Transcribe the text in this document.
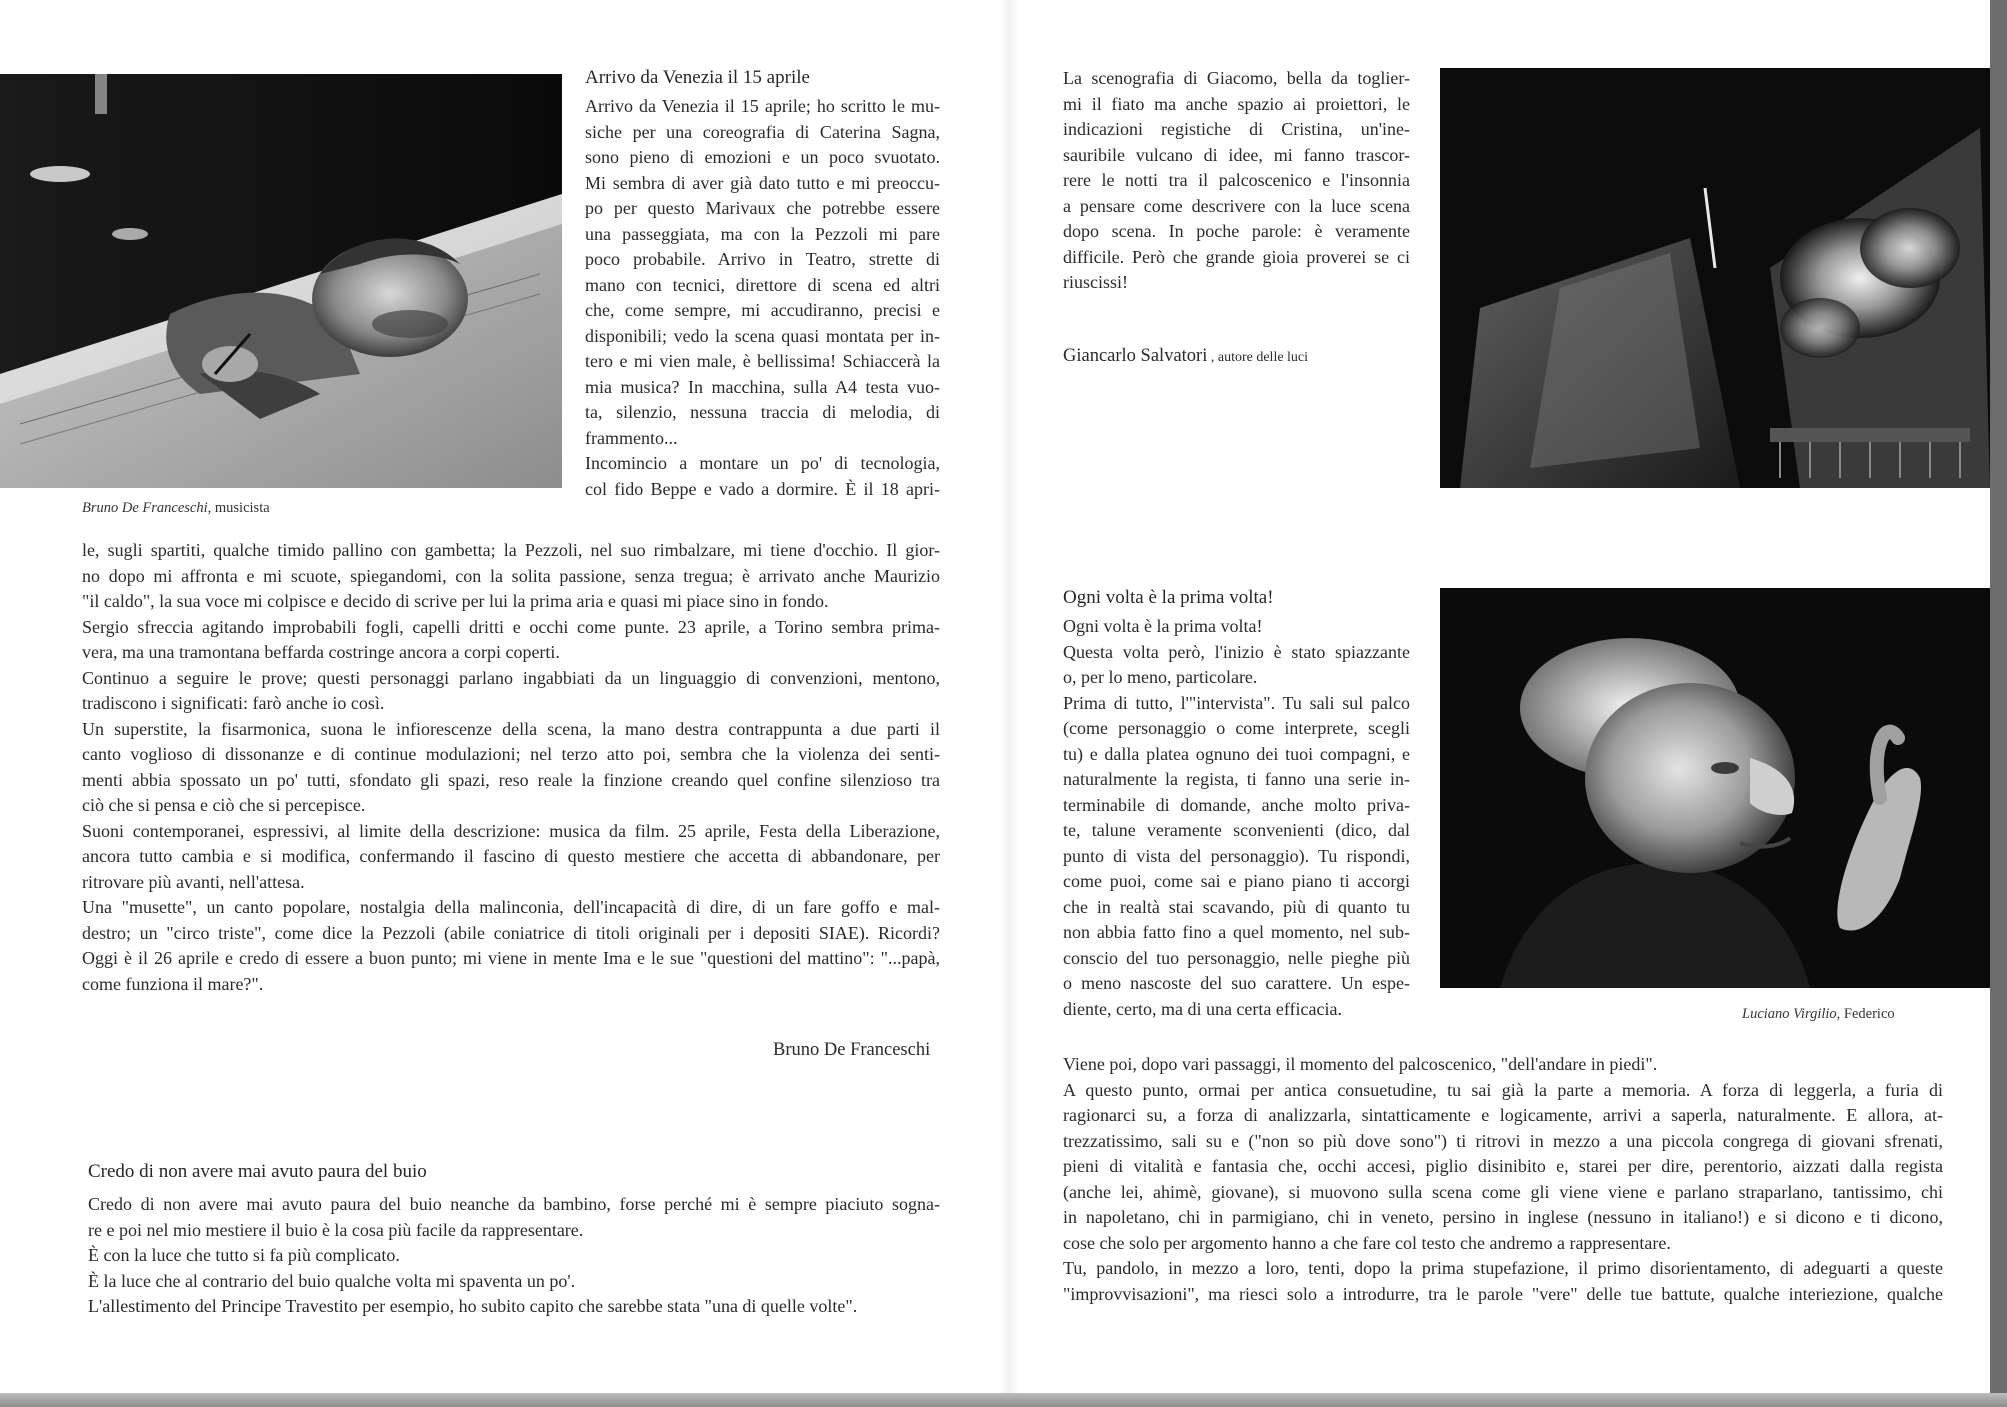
Bruno De Franceschi, musicista
Arrivo da Venezia il 15 aprile
Arrivo da Venezia il 15 aprile; ho scritto le mu-
siche per una coreografia di Caterina Sagna,
sono pieno di emozioni e un poco svuotato.
Mi sembra di aver già dato tutto e mi preoccu-
po per questo Marivaux che potrebbe essere
una passeggiata, ma con la Pezzoli mi pare
poco probabile. Arrivo in Teatro, strette di
mano con tecnici, direttore di scena ed altri
che, come sempre, mi accudiranno, precisi e
disponibili; vedo la scena quasi montata per in-
tero e mi vien male, è bellissima! Schiaccerà la
mia musica? In macchina, sulla A4 testa vuo-
ta, silenzio, nessuna traccia di melodia, di
frammento...
Incomincio a montare un po' di tecnologia,
col fido Beppe e vado a dormire. È il 18 apri-
le, sugli spartiti, qualche timido pallino con gambetta; la Pezzoli, nel suo rimbalzare, mi tiene d'occhio. Il gior-
no dopo mi affronta e mi scuote, spiegandomi, con la solita passione, senza tregua; è arrivato anche Maurizio
"il caldo", la sua voce mi colpisce e decido di scrive per lui la prima aria e quasi mi piace sino in fondo.
Sergio sfreccia agitando improbabili fogli, capelli dritti e occhi come punte. 23 aprile, a Torino sembra prima-
vera, ma una tramontana beffarda costringe ancora a corpi coperti.
Continuo a seguire le prove; questi personaggi parlano ingabbiati da un linguaggio di convenzioni, mentono,
tradiscono i significati: farò anche io così.
Un superstite, la fisarmonica, suona le infiorescenze della scena, la mano destra contrappunta a due parti il
canto voglioso di dissonanze e di continue modulazioni; nel terzo atto poi, sembra che la violenza dei senti-
menti abbia spossato un po' tutti, sfondato gli spazi, reso reale la finzione creando quel confine silenzioso tra
ciò che si pensa e ciò che si percepisce.
Suoni contemporanei, espressivi, al limite della descrizione: musica da film. 25 aprile, Festa della Liberazione,
ancora tutto cambia e si modifica, confermando il fascino di questo mestiere che accetta di abbandonare, per
ritrovare più avanti, nell'attesa.
Una "musette", un canto popolare, nostalgia della malinconia, dell'incapacità di dire, di un fare goffo e mal-
destro; un "circo triste", come dice la Pezzoli (abile coniatrice di titoli originali per i depositi SIAE). Ricordi?
Oggi è il 26 aprile e credo di essere a buon punto; mi viene in mente Ima e le sue "questioni del mattino": "...papà,
come funziona il mare?".
Bruno De Franceschi
Credo di non avere mai avuto paura del buio
Credo di non avere mai avuto paura del buio neanche da bambino, forse perché mi è sempre piaciuto sogna-
re e poi nel mio mestiere il buio è la cosa più facile da rappresentare.
È con la luce che tutto si fa più complicato.
È la luce che al contrario del buio qualche volta mi spaventa un po'.
L'allestimento del Principe Travestito per esempio, ho subito capito che sarebbe stata "una di quelle volte".
La scenografia di Giacomo, bella da toglier-
mi il fiato ma anche spazio ai proiettori, le
indicazioni registiche di Cristina, un'ine-
sauribile vulcano di idee, mi fanno trascor-
rere le notti tra il palcoscenico e l'insonnia
a pensare come descrivere con la luce scena
dopo scena. In poche parole: è veramente
difficile. Però che grande gioia proverei se ci
riuscissi!
Giancarlo Salvatori , autore delle luci
Luciano Virgilio, Federico
Ogni volta è la prima volta!
Ogni volta è la prima volta!
Questa volta però, l'inizio è stato spiazzante
o, per lo meno, particolare.
Prima di tutto, l'"intervista". Tu sali sul palco
(come personaggio o come interprete, scegli
tu) e dalla platea ognuno dei tuoi compagni, e
naturalmente la regista, ti fanno una serie in-
terminabile di domande, anche molto priva-
te, talune veramente sconvenienti (dico, dal
punto di vista del personaggio). Tu rispondi,
come puoi, come sai e piano piano ti accorgi
che in realtà stai scavando, più di quanto tu
non abbia fatto fino a quel momento, nel sub-
conscio del tuo personaggio, nelle pieghe più
o meno nascoste del suo carattere. Un espe-
diente, certo, ma di una certa efficacia.
Viene poi, dopo vari passaggi, il momento del palcoscenico, "dell'andare in piedi".
A questo punto, ormai per antica consuetudine, tu sai già la parte a memoria. A forza di leggerla, a furia di
ragionarci su, a forza di analizzarla, sintatticamente e logicamente, arrivi a saperla, naturalmente. E allora, at-
trezzatissimo, sali su e ("non so più dove sono") ti ritrovi in mezzo a una piccola congrega di giovani sfrenati,
pieni di vitalità e fantasia che, occhi accesi, piglio disinibito e, starei per dire, perentorio, aizzati dalla regista
(anche lei, ahimè, giovane), si muovono sulla scena come gli viene viene e parlano straparlano, tantissimo, chi
in napoletano, chi in parmigiano, chi in veneto, persino in inglese (nessuno in italiano!) e si dicono e ti dicono,
cose che solo per argomento hanno a che fare col testo che andremo a rappresentare.
Tu, pandolo, in mezzo a loro, tenti, dopo la prima stupefazione, il primo disorientamento, di adeguarti a queste
"improvvisazioni", ma riesci solo a introdurre, tra le parole "vere" delle tue battute, qualche interiezione, qualche
